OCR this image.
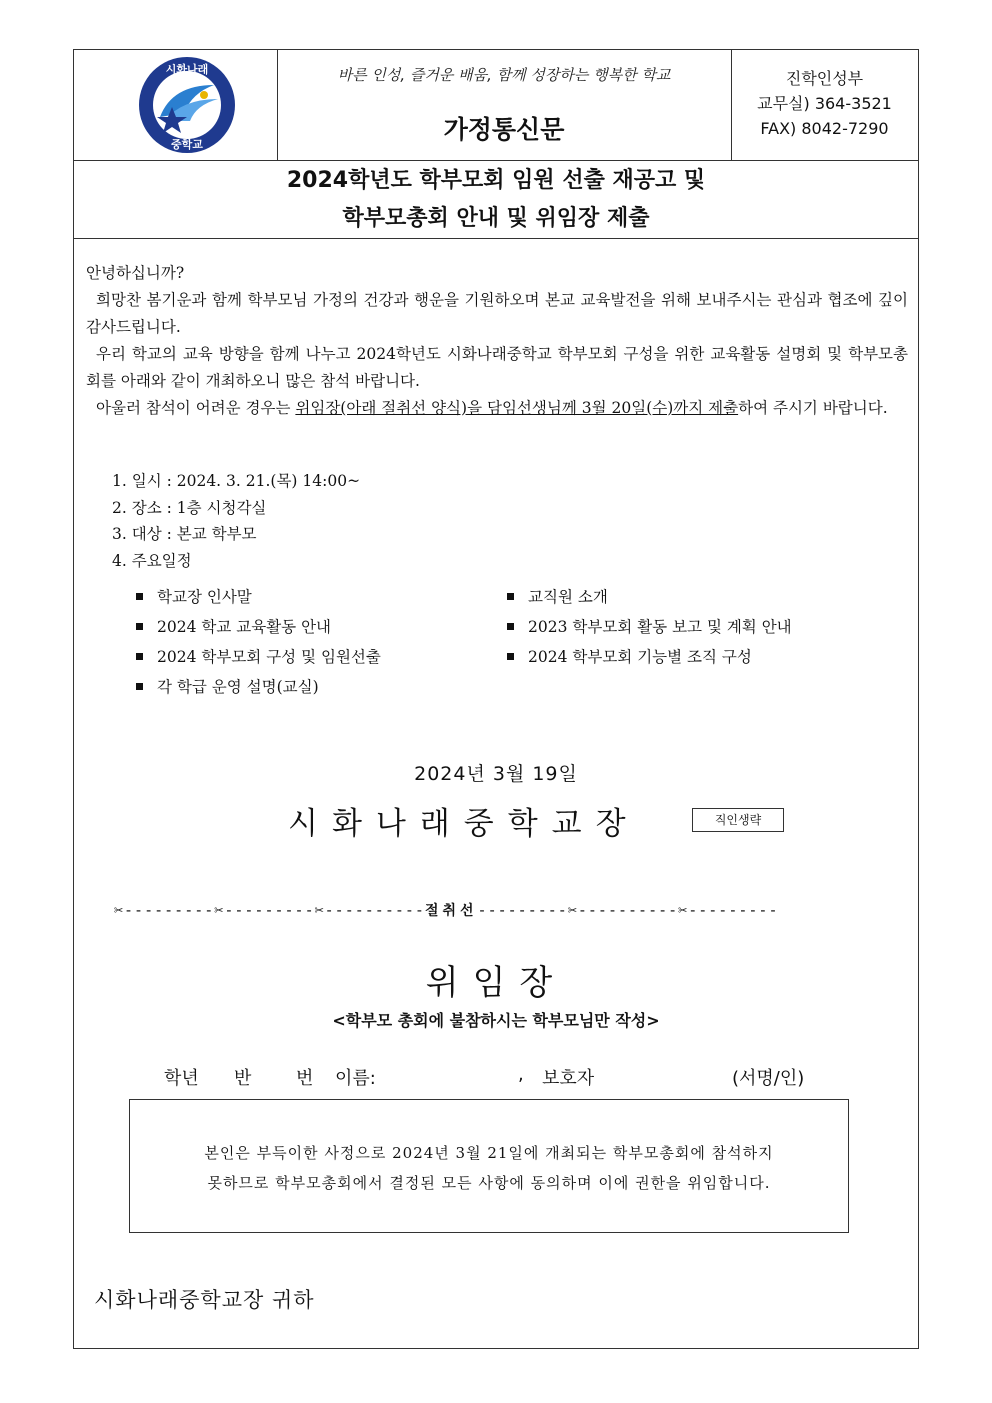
시화나래
중학교
바른 인성, 즐거운 배움, 함께 성장하는 행복한 학교
가정통신문
진학인성부
교무실) 364-3521
FAX) 8042-7290
2024학년도 학부모회 임원 선출 재공고 및
학부모총회 안내 및 위임장 제출
안녕하십니까?
희망찬 봄기운과 함께 학부모님 가정의 건강과 행운을 기원하오며 본교 교육발전을 위해 보내주시는 관심과 협조에 깊이 감사드립니다.
우리 학교의 교육 방향을 함께 나누고 2024학년도 시화나래중학교 학부모회 구성을 위한 교육활동 설명회 및 학부모총회를 아래와 같이 개최하오니 많은 참석 바랍니다.
아울러 참석이 어려운 경우는 위임장(아래 절취선 양식)을 담임선생님께 3월 20일(수)까지 제출하여 주시기 바랍니다.
1. 일시 : 2024. 3. 21.(목) 14:00~
2. 장소 : 1층 시청각실
3. 대상 : 본교 학부모
4. 주요일정
학교장 인사말	교직원 소개
2024 학교 교육활동 안내	2023 학부모회 활동 보고 및 계획 안내
2024 학부모회 구성 및 임원선출	2024 학부모회 기능별 조직 구성
각 학급 운영 설명(교실)
2024년 3월 19일
시화나래중학교장	직인생략
✂---------✂---------✂----------절취선---------✂----------✂---------
위임장
<학부모 총회에 불참하시는 학부모님만 작성>
학년 반 번 이름:	, 보호자	(서명/인)
본인은 부득이한 사정으로 2024년 3월 21일에 개최되는 학부모총회에 참석하지
못하므로 학부모총회에서 결정된 모든 사항에 동의하며 이에 권한을 위임합니다.
시화나래중학교장 귀하
